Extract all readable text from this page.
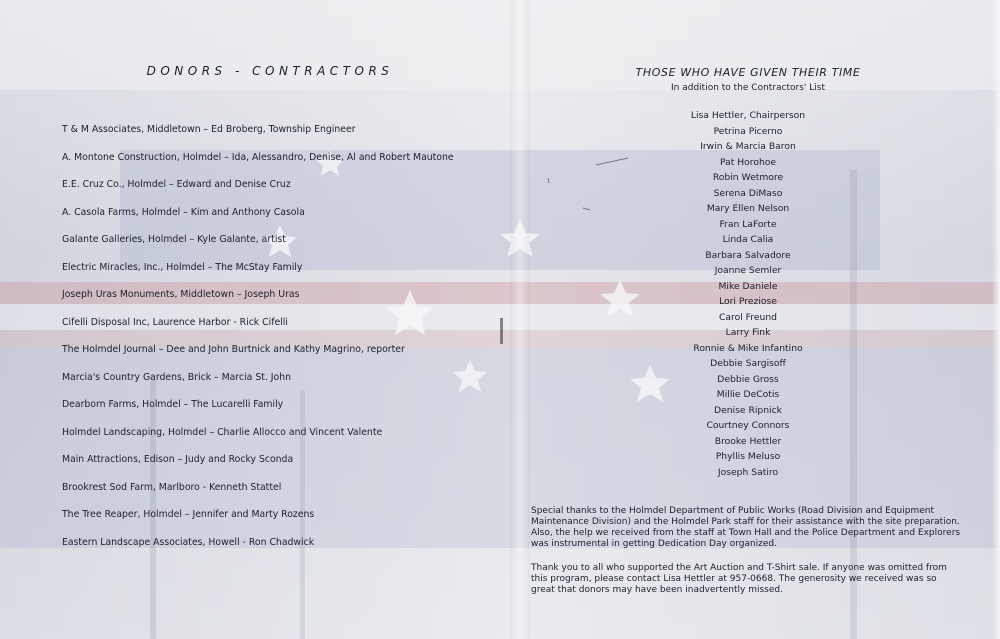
DONORS - CONTRACTORS
T & M Associates, Middletown – Ed Broberg, Township Engineer
A. Montone Construction, Holmdel – Ida, Alessandro, Denise, Al and Robert Mautone
E.E. Cruz Co., Holmdel – Edward and Denise Cruz
A. Casola Farms, Holmdel – Kim and Anthony Casola
Galante Galleries, Holmdel – Kyle Galante, artist
Electric Miracles, Inc., Holmdel – The McStay Family
Joseph Uras Monuments, Middletown – Joseph Uras
Cifelli Disposal Inc, Laurence Harbor - Rick Cifelli
The Holmdel Journal – Dee and John Burtnick and Kathy Magrino, reporter
Marcia's Country Gardens, Brick – Marcia St. John
Dearborn Farms, Holmdel – The Lucarelli Family
Holmdel Landscaping, Holmdel – Charlie Allocco and Vincent Valente
Main Attractions, Edison – Judy and Rocky Sconda
Brookrest Sod Farm, Marlboro - Kenneth Stattel
The Tree Reaper, Holmdel – Jennifer and Marty Rozens
Eastern Landscape Associates, Howell - Ron Chadwick
THOSE WHO HAVE GIVEN THEIR TIME
In addition to the Contractors' List
Lisa Hettler, Chairperson
Petrina Picerno
Irwin & Marcia Baron
Pat Horohoe
Robin Wetmore
Serena DiMaso
Mary Ellen Nelson
Fran LaForte
Linda Calia
Barbara Salvadore
Joanne Semler
Mike Daniele
Lori Preziose
Carol Freund
Larry Fink
Ronnie & Mike Infantino
Debbie Sargisoff
Debbie Gross
Millie DeCotis
Denise Ripnick
Courtney Connors
Brooke Hettler
Phyllis Meluso
Joseph Satiro

Special thanks to the Holmdel Department of Public Works (Road Division and Equipment Maintenance Division) and the Holmdel Park staff for their assistance with the site preparation. Also, the help we received from the staff at Town Hall and the Police Department and Explorers was instrumental in getting Dedication Day organized.

Thank you to all who supported the Art Auction and T-Shirt sale. If anyone was omitted from this program, please contact Lisa Hettler at 957-0668. The generosity we received was so great that donors may have been inadvertently missed.
